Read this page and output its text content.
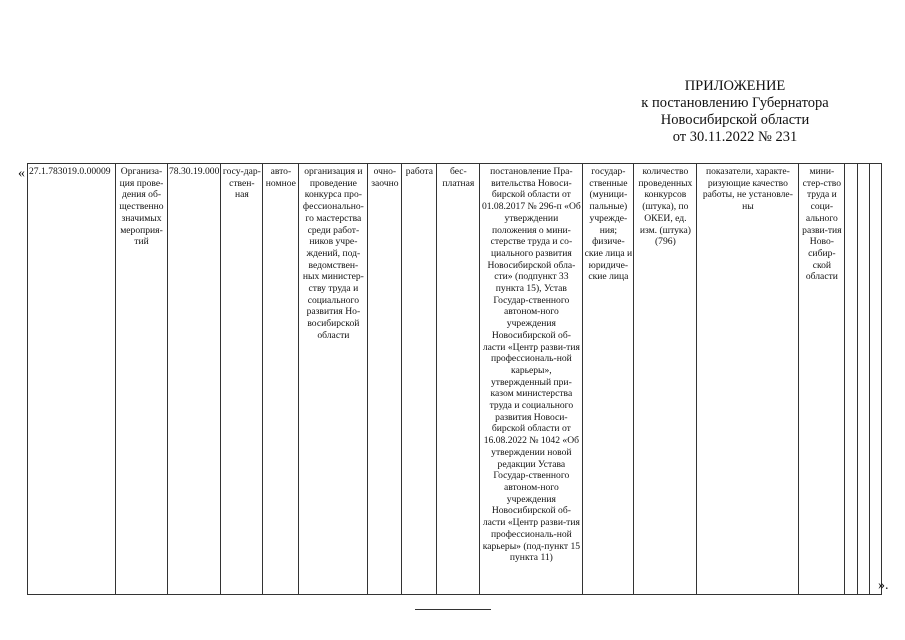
ПРИЛОЖЕНИЕ
к постановлению Губернатора
Новосибирской области
от 30.11.2022 № 231
« 27.1.783019.0.00009	Организа-ция прове-дения об-щественно значимых мероприя-тий	78.30.19.000	госу-дар-ствен-ная	авто-номное	организация и проведение конкурса про-фессионально-го мастерства среди работ-ников учре-ждений, под-ведомствен-ных министер-ству труда и социального развития Но-восибирской области	очно-заочно	работа	бес-платная	постановление Пра-вительства Новоси-бирской области от 01.08.2017 № 296-п «Об утверждении положения о мини-стерстве труда и со-циального развития Новосибирской обла-сти» (подпункт 33 пункта 15), Устав Государ-ственного автоном-ного учреждения Новосибирской об-ласти «Центр разви-тия профессиональ-ной карьеры», утвержденный при-казом министерства труда и социального развития Новоси-бирской области от 16.08.2022 № 1042 «Об утверждении новой редакции Устава Государ-ственного автоном-ного учреждения Новосибирской об-ласти «Центр разви-тия профессиональ-ной карьеры» (под-пункт 15 пункта 11)	государ-ственные (муници-пальные) учрежде-ния; физиче-ские лица и юридиче-ские лица	количество проведенных конкурсов (штука), по ОКЕИ, ед. изм. (штука) (796)	показатели, характе-ризующие качество работы, не установле-ны	мини-стер-ство труда и соци-ального разви-тия Ново-сибир-ской области			
».
